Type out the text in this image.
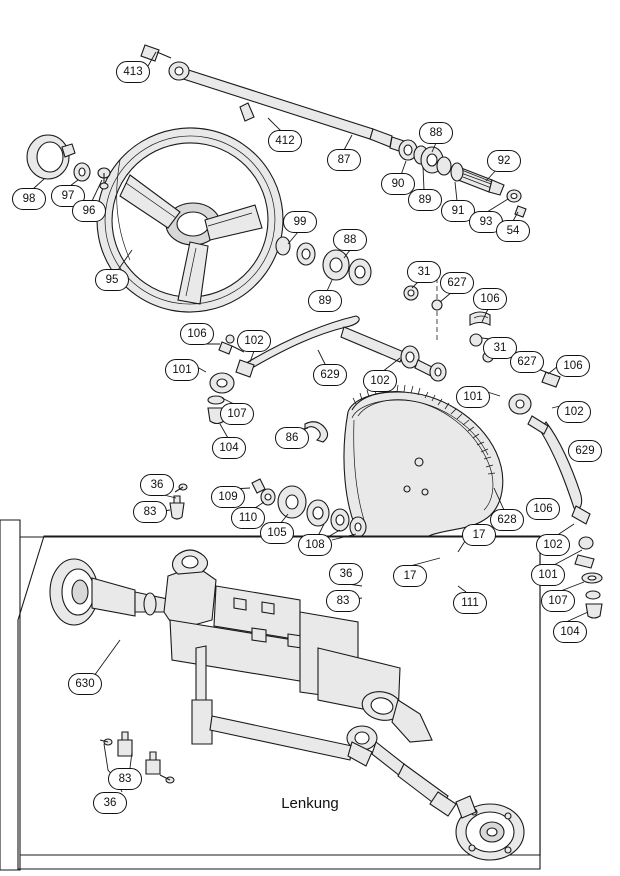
413
412
87
88
92
90
89
91
93
54
98	97
96
95
99
88
89
31
627
106
106
102
101	629	102
31
627	106
101
102
107
104
86
629
36
83
109
110
105
108
628
106
102
101
107
104
17
17
36
83	111
630
83
36	Lenkung
